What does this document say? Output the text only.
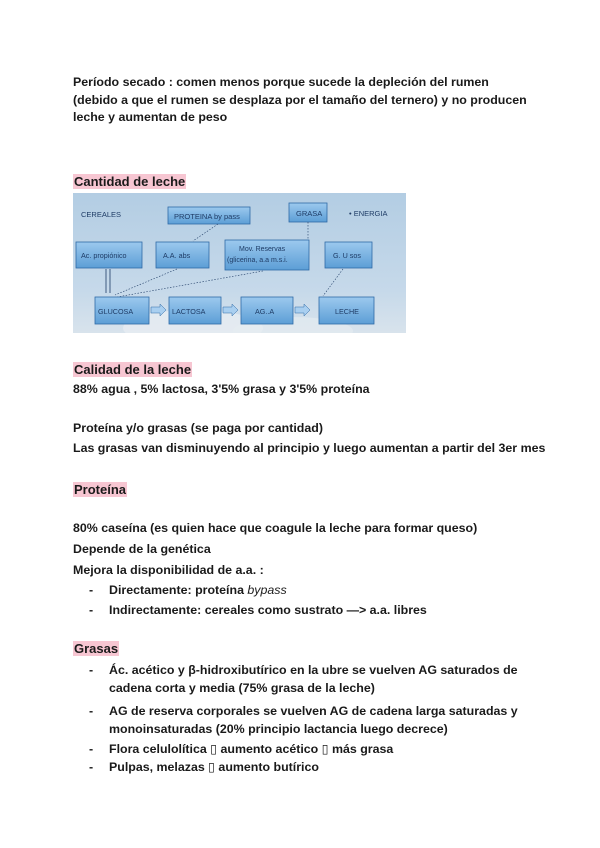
Período secado : comen menos porque sucede la depleción del rumen (debido a que el rumen se desplaza por el tamaño del ternero) y no producen leche y aumentan de peso
Cantidad de leche
CEREALES	PROTEINA by pass	GRASA	• ENERGIA
Ac. propiónico	A.A. abs
Mov. Reservas
(glicerina, a.a m.s.i.
G. U sos
GLUCOSA	LACTOSA	AG..A	LECHE
Calidad de la leche
88% agua , 5% lactosa, 3'5% grasa y 3'5% proteína
Proteína y/o grasas (se paga por cantidad)
Las grasas van disminuyendo al principio y luego aumentan a partir del 3er mes
Proteína
80% caseína (es quien hace que coagule la leche para formar queso)
Depende de la genética
Mejora la disponibilidad de a.a. :
- Directamente: proteína bypass
- Indirectamente: cereales como sustrato —> a.a. libres
Grasas
- Ác. acético y β-hidroxibutírico en la ubre se vuelven AG saturados de cadena corta y media (75% grasa de la leche)
- AG de reserva corporales se vuelven AG de cadena larga saturadas y monoinsaturadas (20% principio lactancia luego decrece)
- Flora celulolítica ▯ aumento acético ▯ más grasa
- Pulpas, melazas ▯ aumento butírico
